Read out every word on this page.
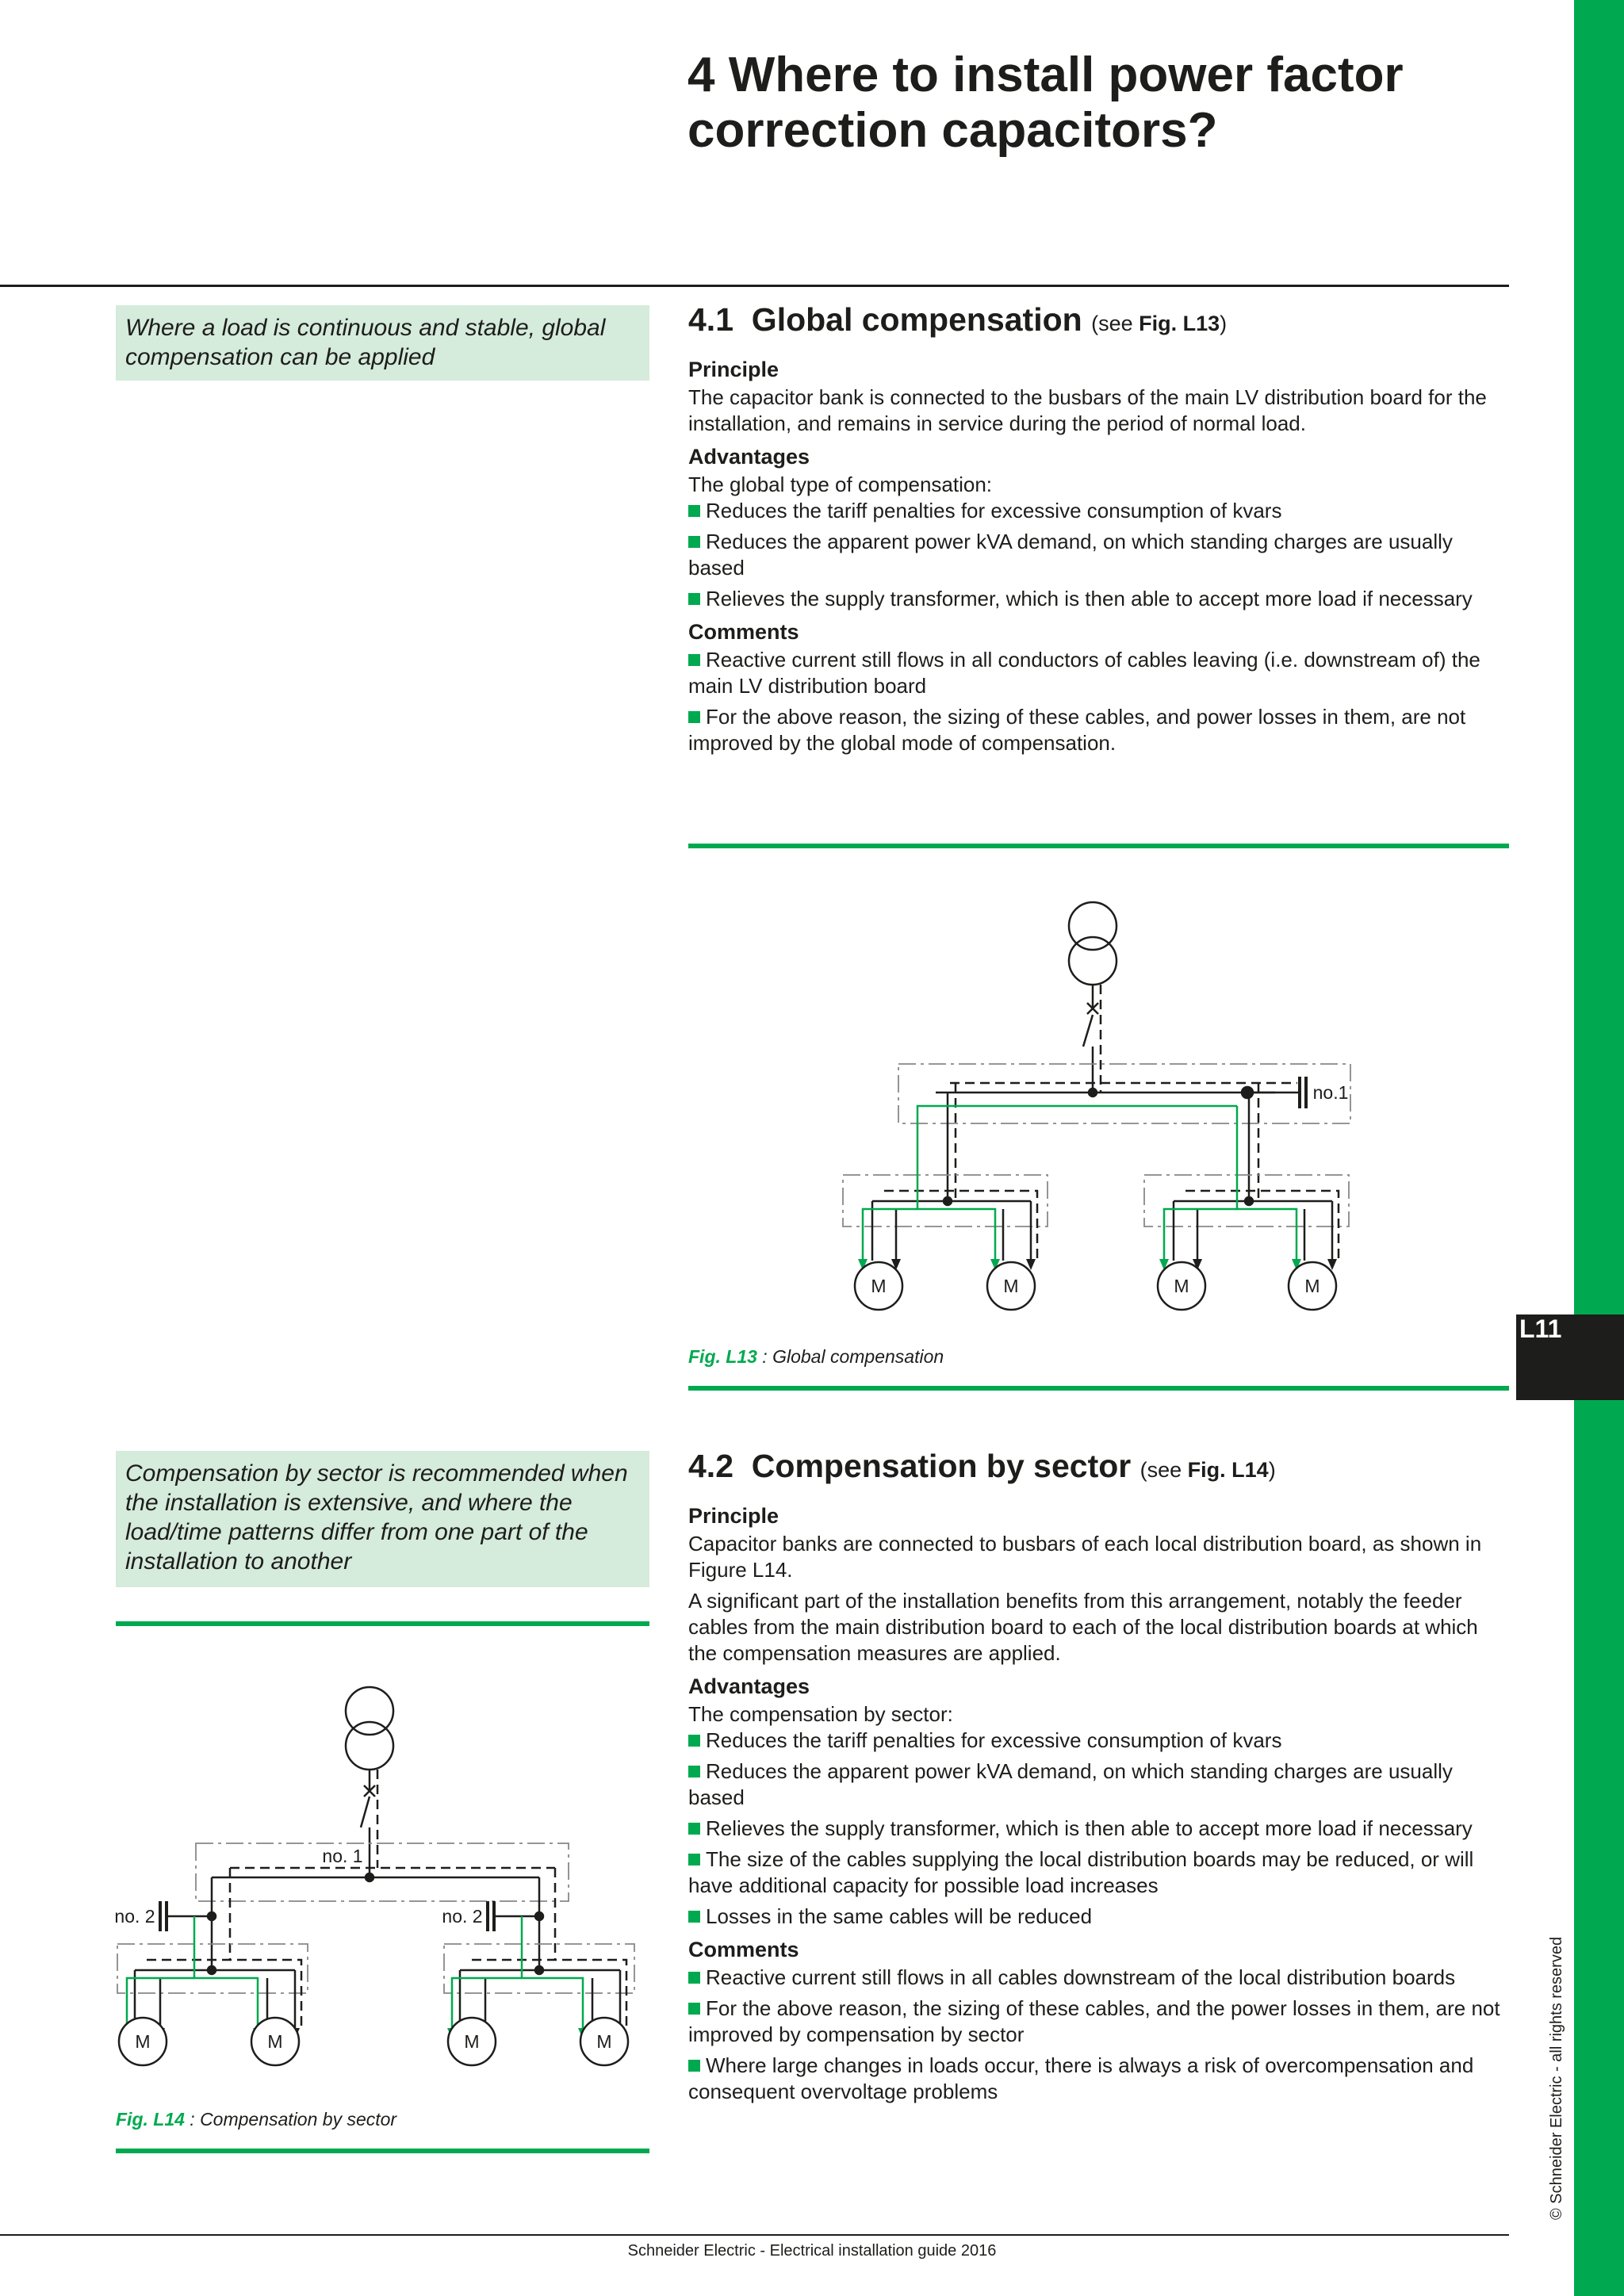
L11
© Schneider Electric - all rights reserved
4 Where to install power factor correction capacitors?
Where a load is continuous and stable, global compensation can be applied
4.1 Global compensation (see Fig. L13)
Principle

The capacitor bank is connected to the busbars of the main LV distribution board for the installation, and remains in service during the period of normal load.

Advantages
The global type of compensation:
Reduces the tariff penalties for excessive consumption of kvars
Reduces the apparent power kVA demand, on which standing charges are usually based
Relieves the supply transformer, which is then able to accept more load if necessary
Comments
Reactive current still flows in all conductors of cables leaving (i.e. downstream of) the main LV distribution board
For the above reason, the sizing of these cables, and power losses in them, are not improved by the global mode of compensation.
M	M	M	M
no.1
Fig. L13 : Global compensation
Compensation by sector is recommended when the installation is extensive, and where the load/time patterns differ from one part of the installation to another
4.2 Compensation by sector (see Fig. L14)
Principle

Capacitor banks are connected to busbars of each local distribution board, as shown in Figure L14.

A significant part of the installation benefits from this arrangement, notably the feeder cables from the main distribution board to each of the local distribution boards at which the compensation measures are applied.

Advantages
The compensation by sector:
Reduces the tariff penalties for excessive consumption of kvars
Reduces the apparent power kVA demand, on which standing charges are usually based
Relieves the supply transformer, which is then able to accept more load if necessary
The size of the cables supplying the local distribution boards may be reduced, or will have additional capacity for possible load increases
Losses in the same cables will be reduced
Comments
Reactive current still flows in all cables downstream of the local distribution boards
For the above reason, the sizing of these cables, and the power losses in them, are not improved by compensation by sector
Where large changes in loads occur, there is always a risk of overcompensation and consequent overvoltage problems
M	M	M	M
no. 1
no. 2	no. 2
Fig. L14 : Compensation by sector
Schneider Electric - Electrical installation guide 2016
